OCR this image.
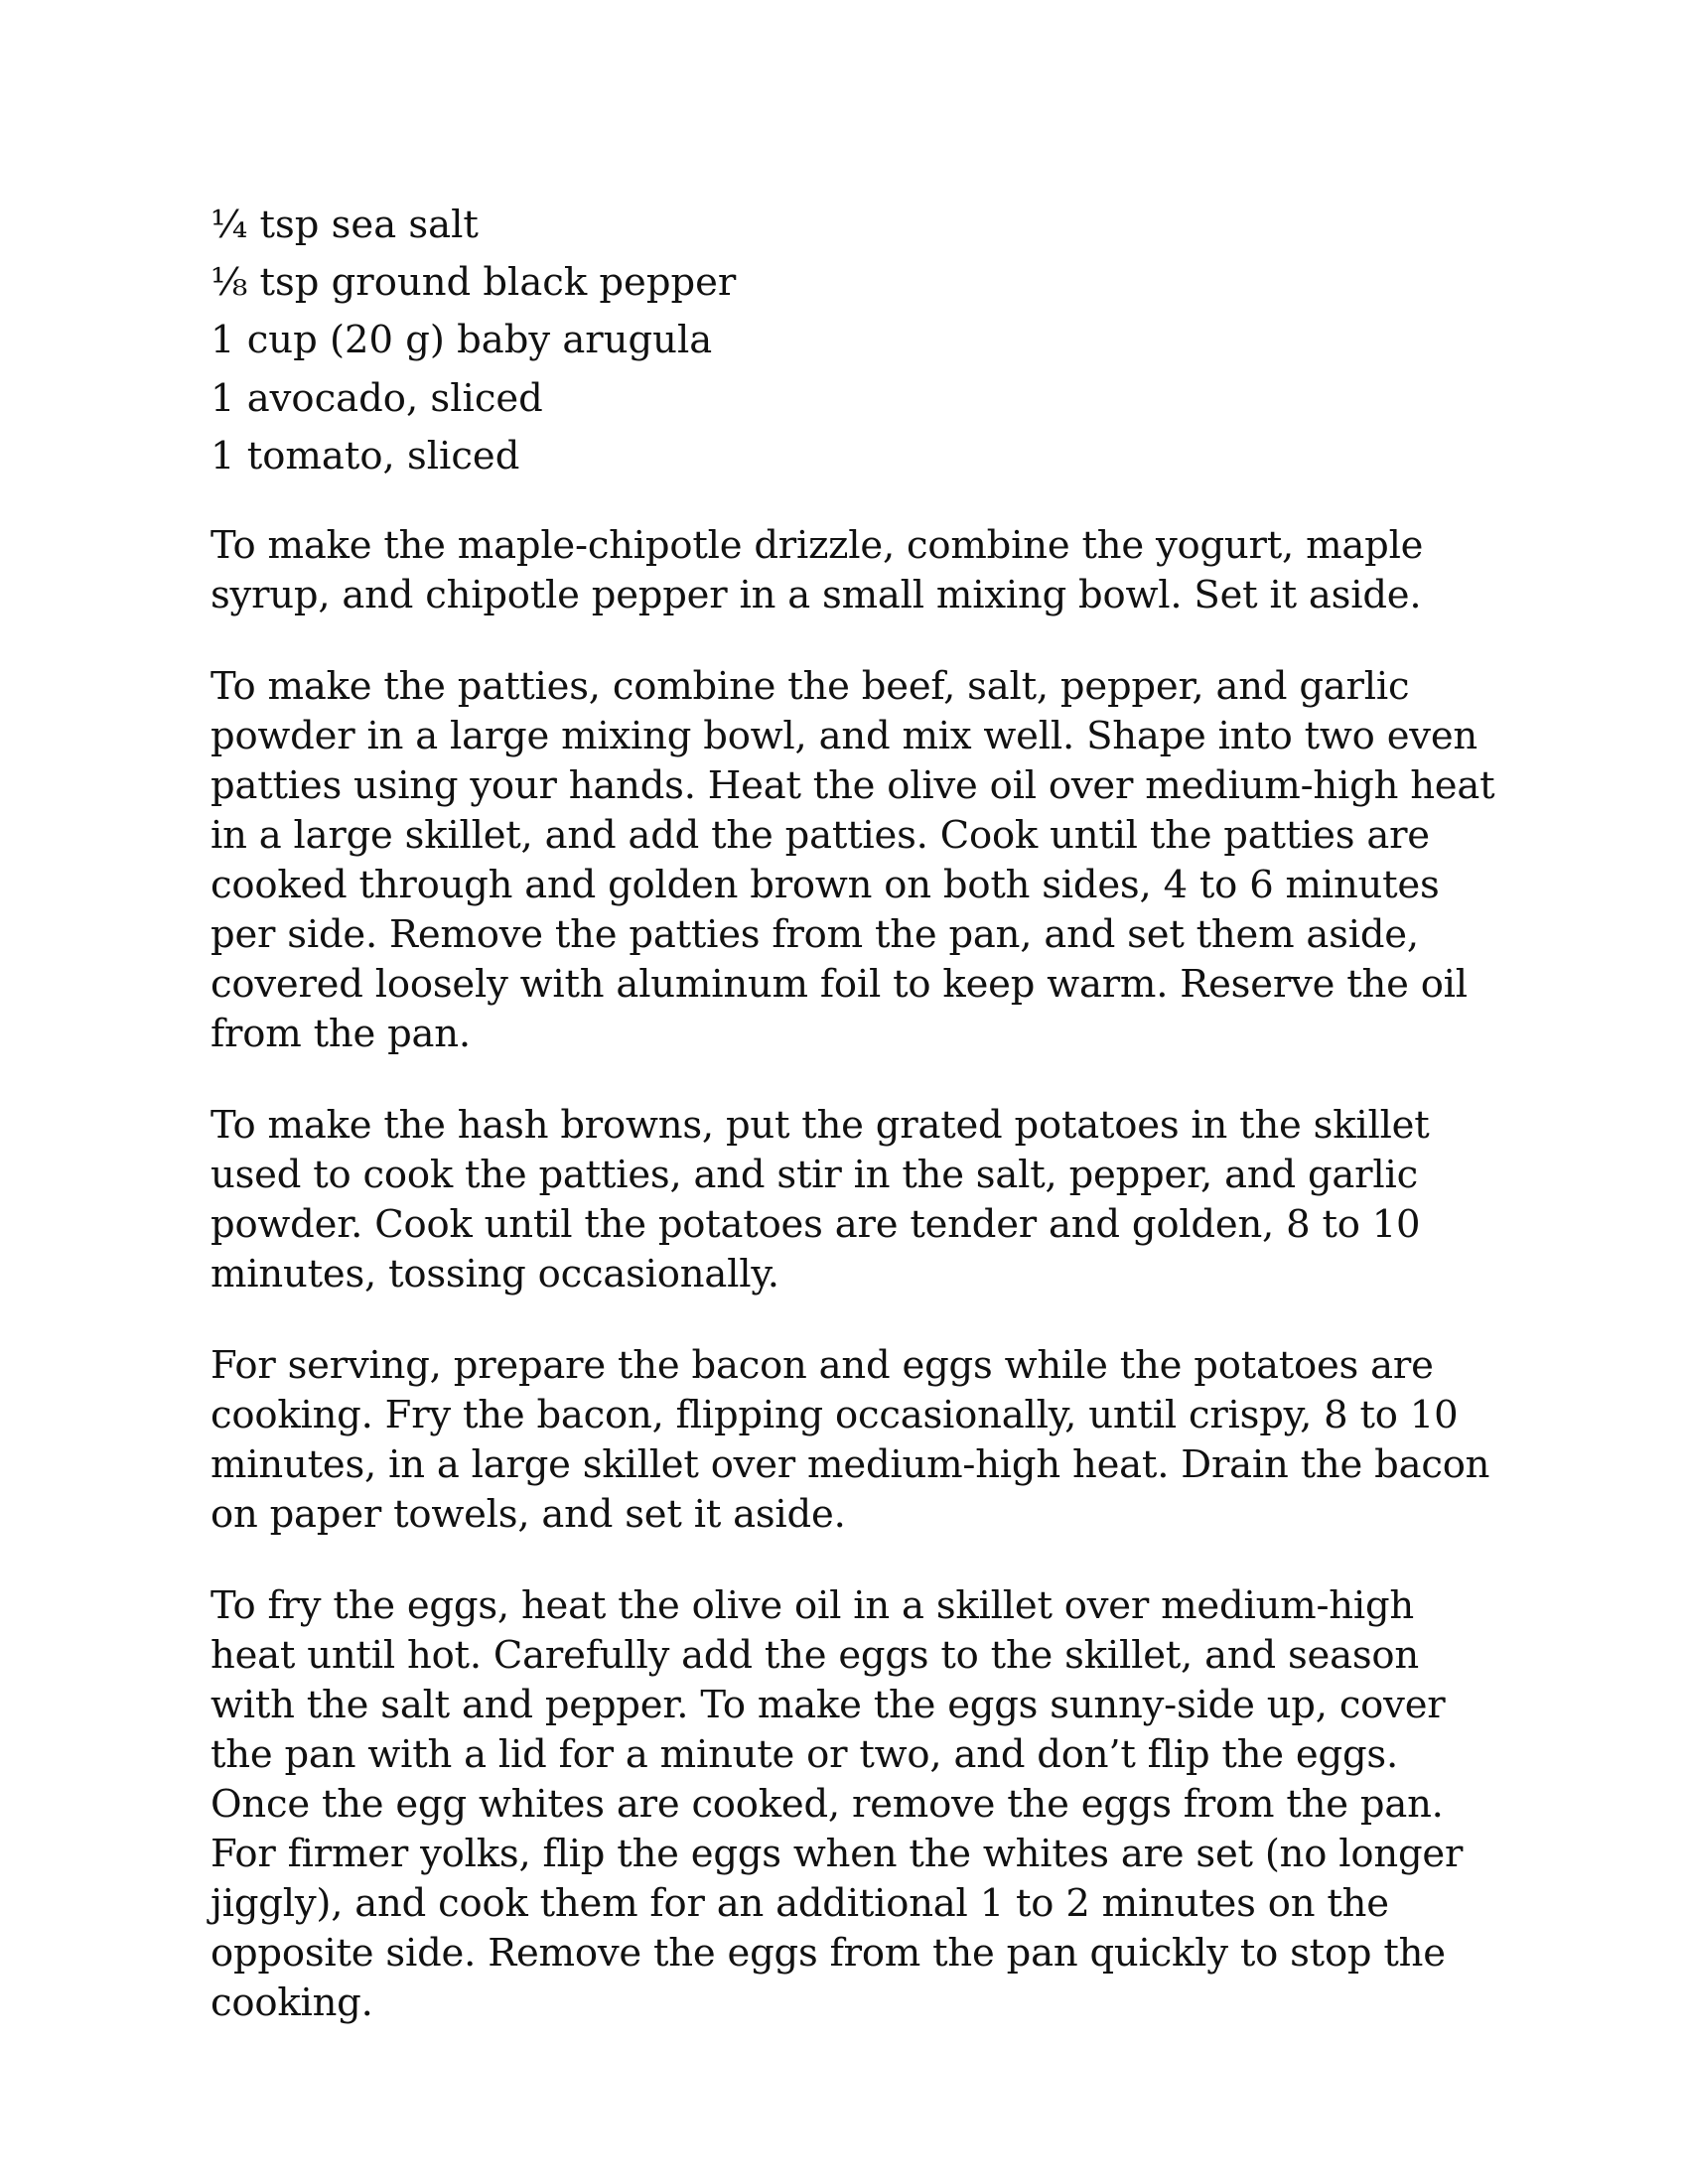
¼ tsp sea salt
⅛ tsp ground black pepper
1 cup (20 g) baby arugula
1 avocado, sliced
1 tomato, sliced

To make the maple-chipotle drizzle, combine the yogurt, maple syrup, and chipotle pepper in a small mixing bowl. Set it aside.

To make the patties, combine the beef, salt, pepper, and garlic powder in a large mixing bowl, and mix well. Shape into two even patties using your hands. Heat the olive oil over medium-high heat in a large skillet, and add the patties. Cook until the patties are cooked through and golden brown on both sides, 4 to 6 minutes per side. Remove the patties from the pan, and set them aside, covered loosely with aluminum foil to keep warm. Reserve the oil from the pan.

To make the hash browns, put the grated potatoes in the skillet used to cook the patties, and stir in the salt, pepper, and garlic powder. Cook until the potatoes are tender and golden, 8 to 10 minutes, tossing occasionally.

For serving, prepare the bacon and eggs while the potatoes are cooking. Fry the bacon, flipping occasionally, until crispy, 8 to 10 minutes, in a large skillet over medium-high heat. Drain the bacon on paper towels, and set it aside.

To fry the eggs, heat the olive oil in a skillet over medium-high heat until hot. Carefully add the eggs to the skillet, and season with the salt and pepper. To make the eggs sunny-side up, cover the pan with a lid for a minute or two, and don’t flip the eggs. Once the egg whites are cooked, remove the eggs from the pan. For firmer yolks, flip the eggs when the whites are set (no longer jiggly), and cook them for an additional 1 to 2 minutes on the opposite side. Remove the eggs from the pan quickly to stop the cooking.
